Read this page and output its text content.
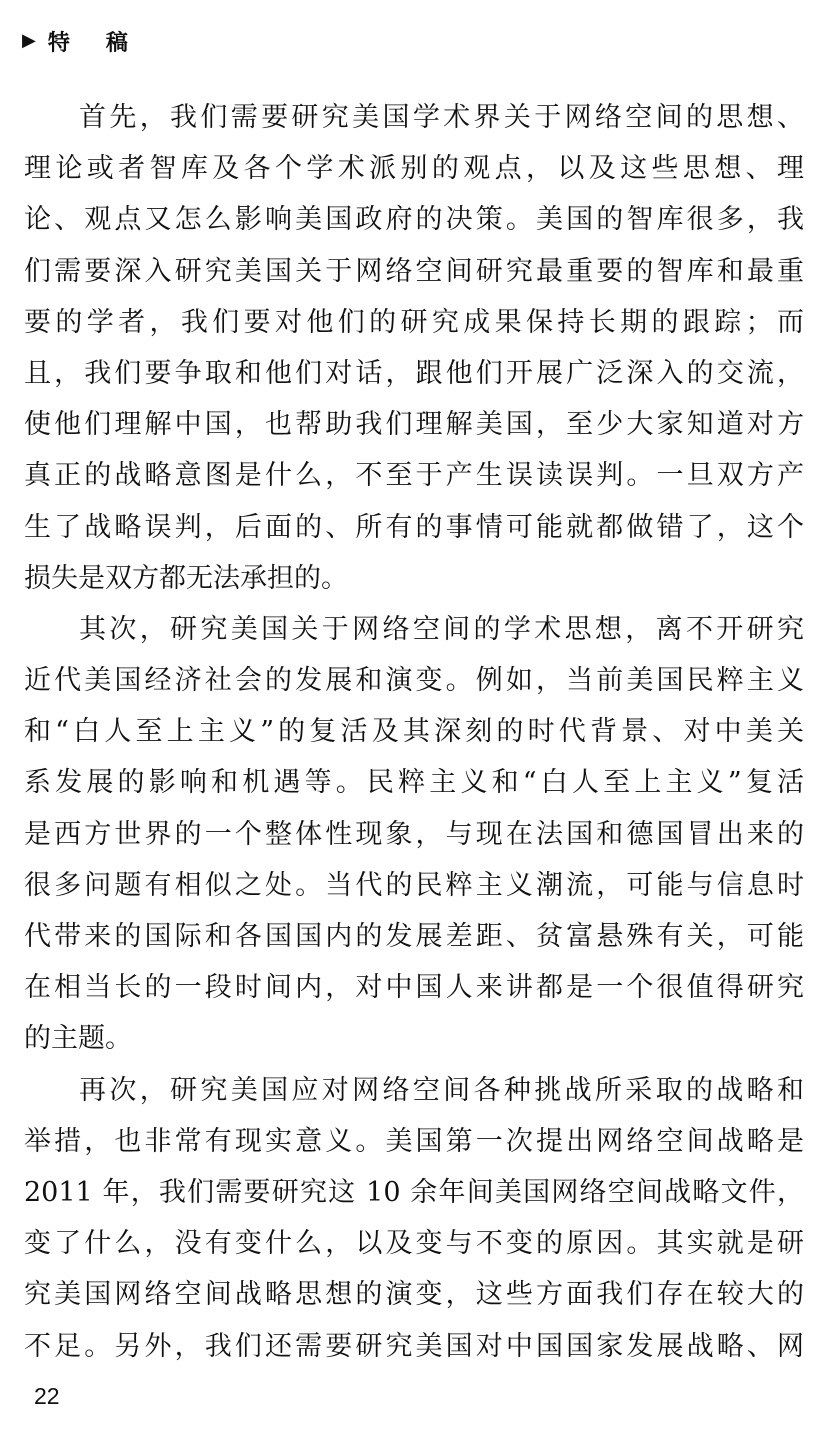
▶ 特稿
首先，我们需要研究美国学术界关于网络空间的思想、
理论或者智库及各个学术派别的观点，以及这些思想、理
论、观点又怎么影响美国政府的决策。美国的智库很多，我
们需要深入研究美国关于网络空间研究最重要的智库和最重
要的学者，我们要对他们的研究成果保持长期的跟踪；而
且，我们要争取和他们对话，跟他们开展广泛深入的交流，
使他们理解中国，也帮助我们理解美国，至少大家知道对方
真正的战略意图是什么，不至于产生误读误判。一旦双方产
生了战略误判，后面的、所有的事情可能就都做错了，这个
损失是双方都无法承担的。
其次，研究美国关于网络空间的学术思想，离不开研究
近代美国经济社会的发展和演变。例如，当前美国民粹主义
和“白人至上主义”的复活及其深刻的时代背景、对中美关
系发展的影响和机遇等。民粹主义和“白人至上主义”复活
是西方世界的一个整体性现象，与现在法国和德国冒出来的
很多问题有相似之处。当代的民粹主义潮流，可能与信息时
代带来的国际和各国国内的发展差距、贫富悬殊有关，可能
在相当长的一段时间内，对中国人来讲都是一个很值得研究
的主题。
再次，研究美国应对网络空间各种挑战所采取的战略和
举措，也非常有现实意义。美国第一次提出网络空间战略是
2011 年，我们需要研究这 10 余年间美国网络空间战略文件，
变了什么，没有变什么，以及变与不变的原因。其实就是研
究美国网络空间战略思想的演变，这些方面我们存在较大的
不足。另外，我们还需要研究美国对中国国家发展战略、网
22
